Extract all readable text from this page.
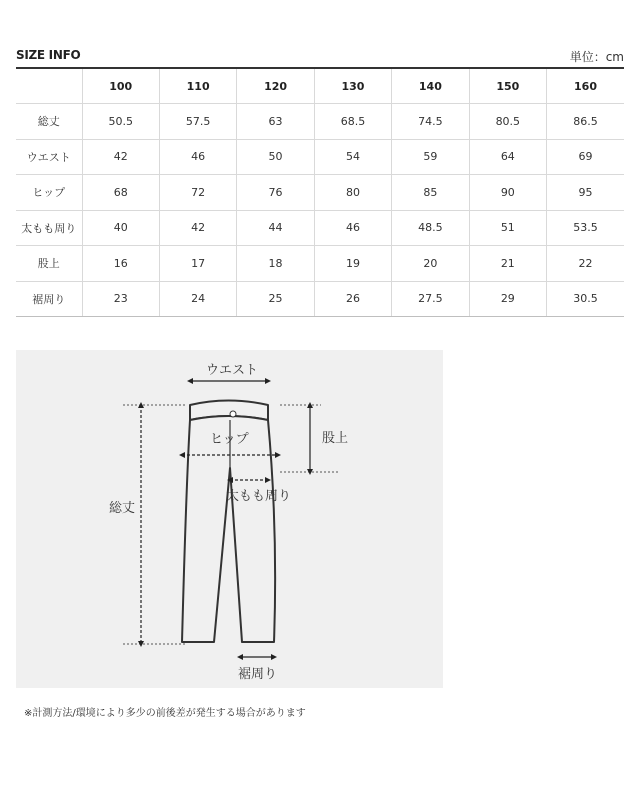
SIZE INFO	単位：cm
	100	110	120	130	140	150	160
総丈	50.5	57.5	63	68.5	74.5	80.5	86.5
ウエスト	42	46	50	54	59	64	69
ヒップ	68	72	76	80	85	90	95
太もも周り	40	42	44	46	48.5	51	53.5
股上	16	17	18	19	20	21	22
裾周り	23	24	25	26	27.5	29	30.5
ウエスト
ヒップ	股上
総丈
太もも周り
裾周り
※計測方法/環境により多少の前後差が発生する場合があります
